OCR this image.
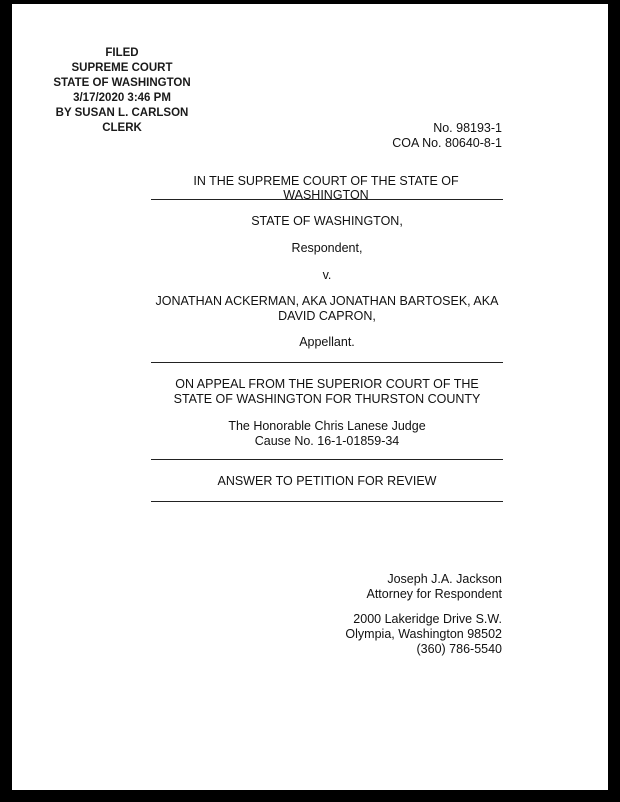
FILED
SUPREME COURT
STATE OF WASHINGTON
3/17/2020 3:46 PM
BY SUSAN L. CARLSON
CLERK	No. 98193-1
COA No. 80640-8-1
IN THE SUPREME COURT OF THE STATE OF WASHINGTON
STATE OF WASHINGTON,
Respondent,
v.
JONATHAN ACKERMAN, AKA JONATHAN BARTOSEK, AKA
DAVID CAPRON,
Appellant.
ON APPEAL FROM THE SUPERIOR COURT OF THE
STATE OF WASHINGTON FOR THURSTON COUNTY
The Honorable Chris Lanese Judge
Cause No. 16-1-01859-34
ANSWER TO PETITION FOR REVIEW
Joseph J.A. Jackson
Attorney for Respondent
2000 Lakeridge Drive S.W.
Olympia, Washington 98502
(360) 786-5540
